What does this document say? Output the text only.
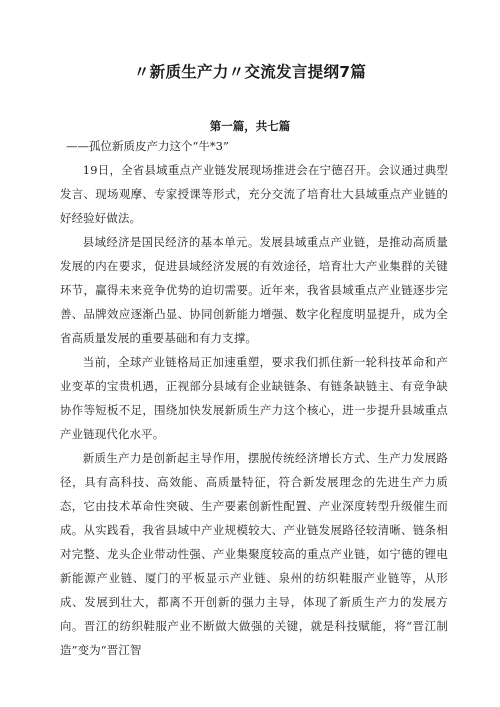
〃新质生产力〃交流发言提纲7篇
第一篇，共七篇
——孤位新质皮产力这个“牛*3”

19日，全省县域重点产业链发展现场推进会在宁德召开。会议通过典型发言、现场观摩、专家授课等形式，充分交流了培育壮大县域重点产业链的好经验好做法。

县域经济是国民经济的基本单元。发展县域重点产业链，是推动高质量发展的内在要求，促进县域经济发展的有效途径，培育壮大产业集群的关键环节，赢得未来竞争优势的迫切需要。近年来，我省县域重点产业链逐步完善、品牌效应逐渐凸显、协同创新能力增强、数字化程度明显提升，成为全省高质量发展的重要基础和有力支撑。

当前，全球产业链格局正加速重塑，要求我们抓住新一轮科技革命和产业变革的宝贵机遇，正视部分县域有企业缺链条、有链条缺链主、有竞争缺协作等短板不足，围绕加快发展新质生产力这个核心，进一步提升县域重点产业链现代化水平。

新质生产力是创新起主导作用，摆脱传统经济增长方式、生产力发展路径，具有高科技、高效能、高质量特征，符合新发展理念的先进生产力质态，它由技术革命性突破、生产要素创新性配置、产业深度转型升级催生而成。从实践看，我省县域中产业规模较大、产业链发展路径较清晰、链条相对完整、龙头企业带动性强、产业集聚度较高的重点产业链，如宁德的锂电新能源产业链、厦门的平板显示产业链、泉州的纺织鞋服产业链等，从形成、发展到壮大，都离不开创新的强力主导，体现了新质生产力的发展方向。晋江的纺织鞋服产业不断做大做强的关键，就是科技赋能，将“晋江制造”变为“晋江智
